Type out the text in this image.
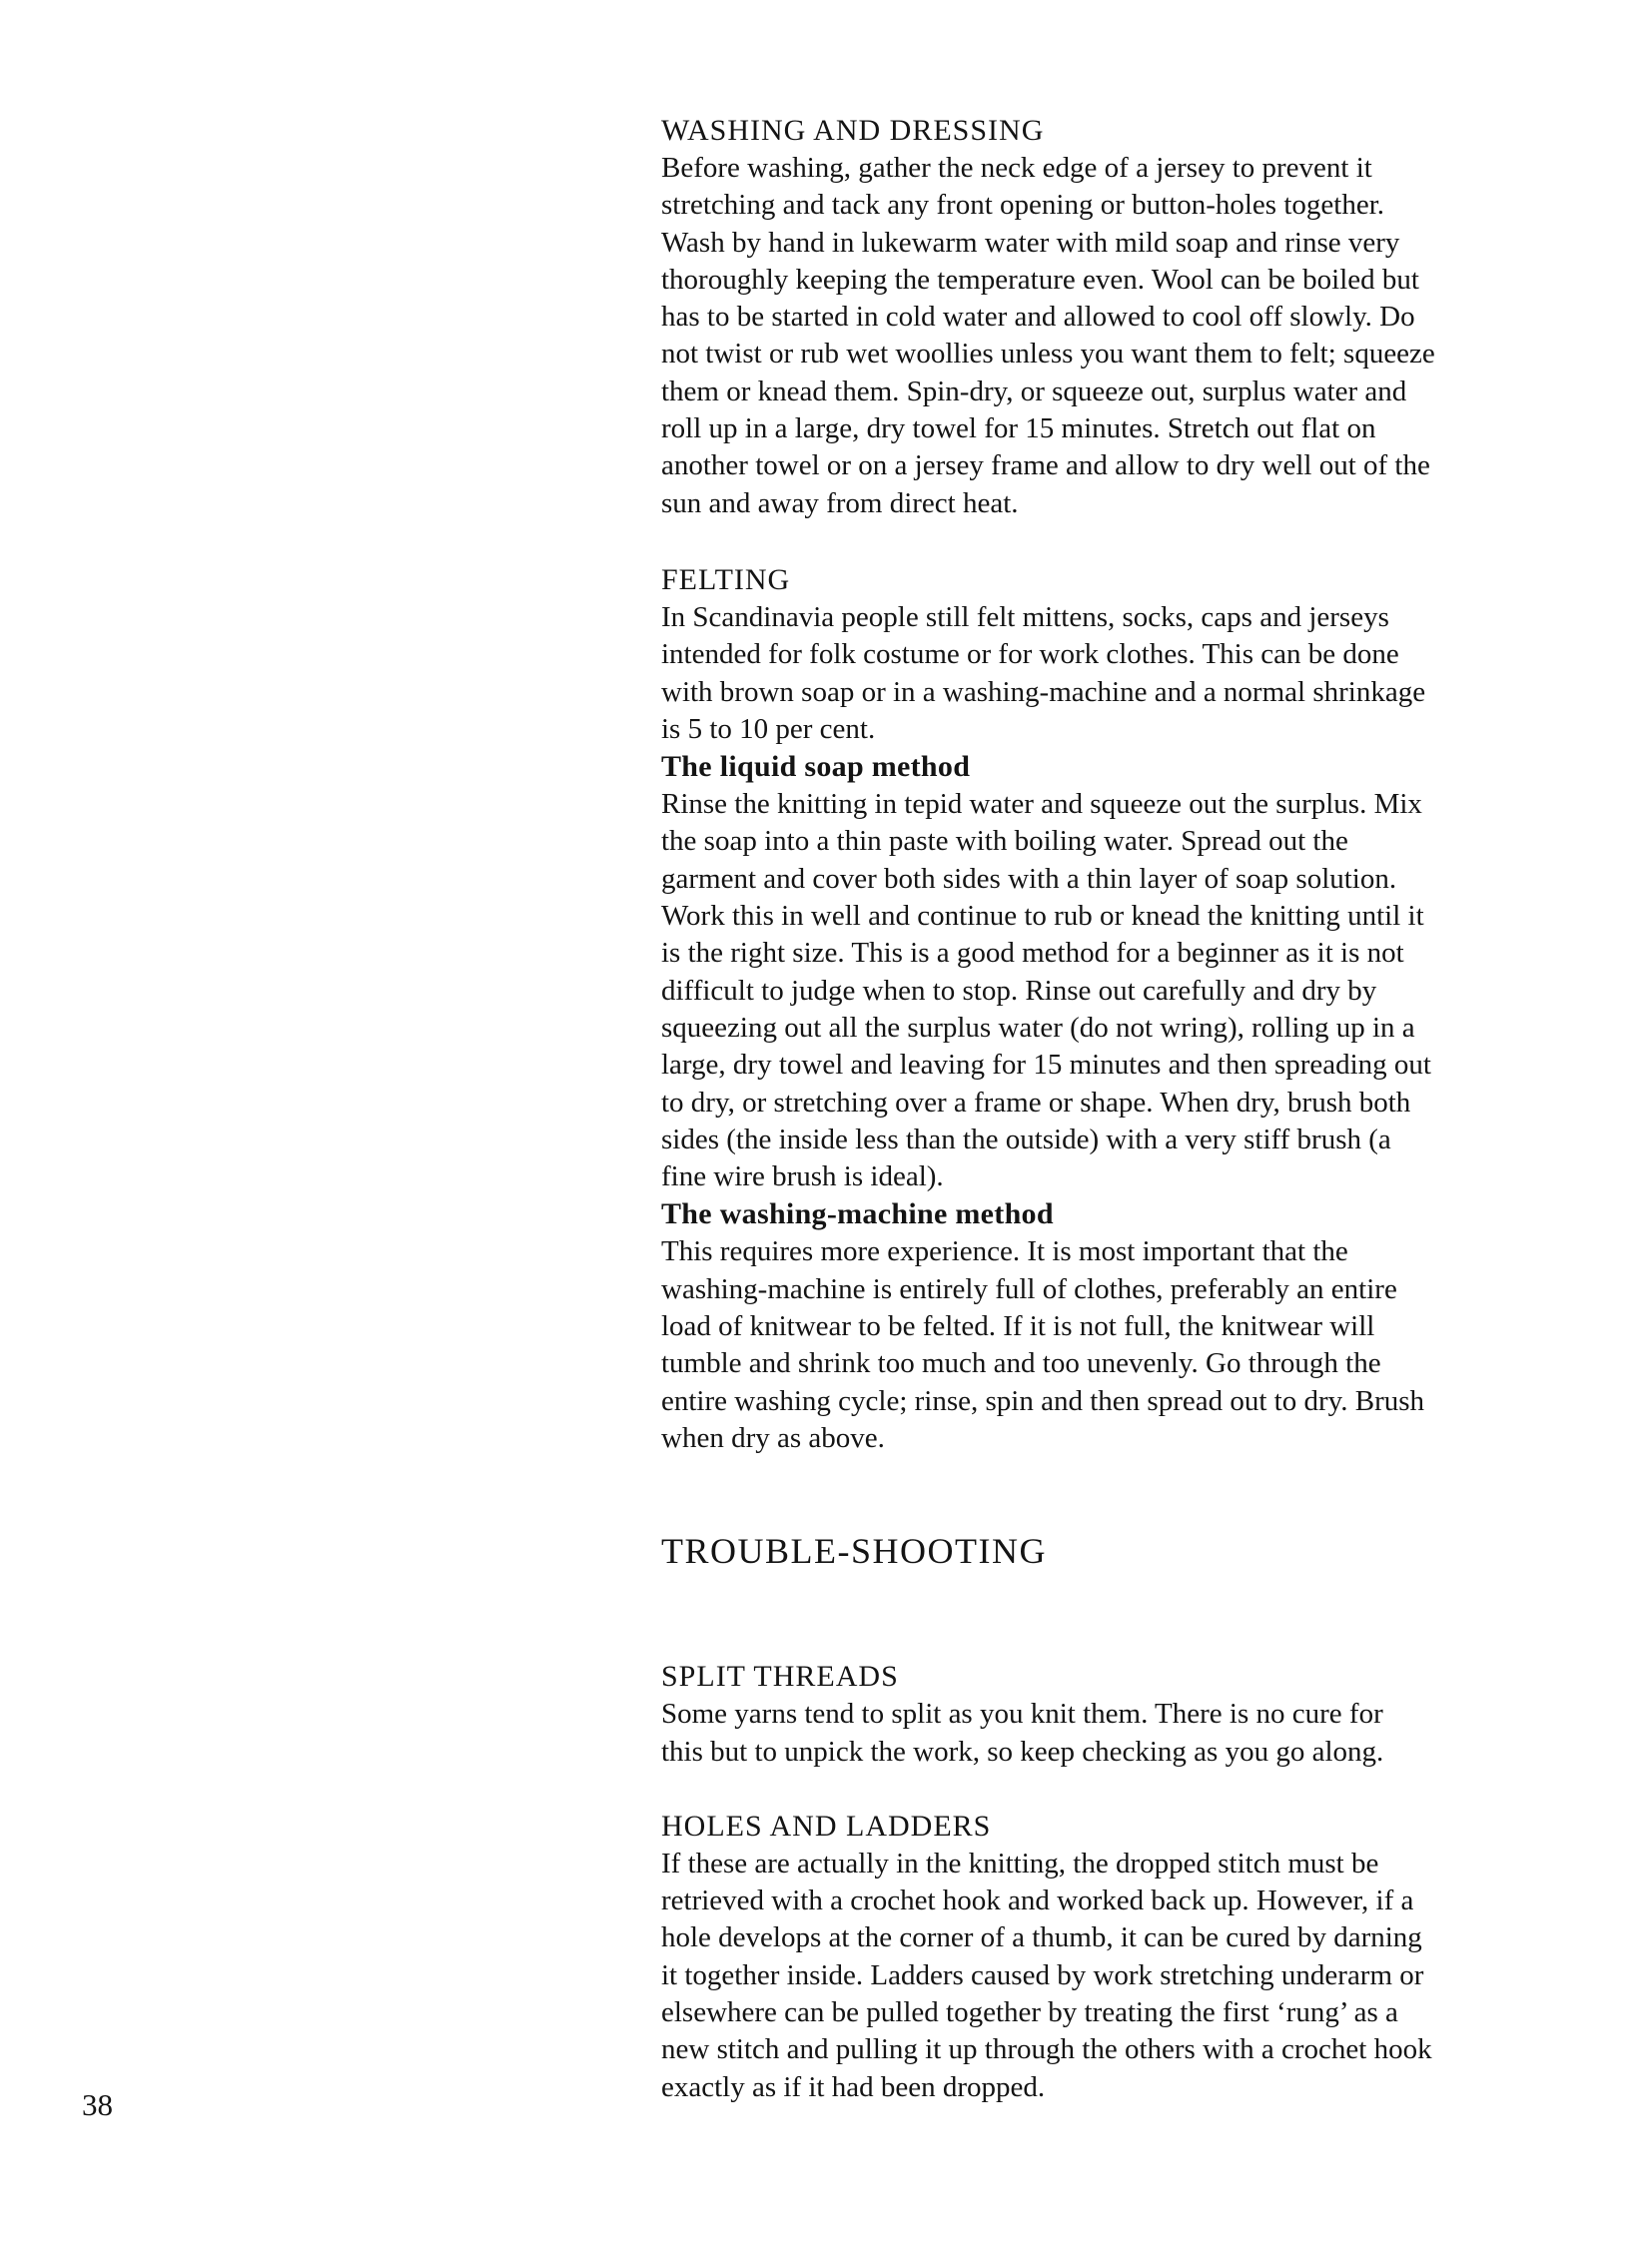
WASHING AND DRESSING

Before washing, gather the neck edge of a jersey to prevent it
stretching and tack any front opening or button-holes together.
Wash by hand in lukewarm water with mild soap and rinse very
thoroughly keeping the temperature even. Wool can be boiled but
has to be started in cold water and allowed to cool off slowly. Do
not twist or rub wet woollies unless you want them to felt; squeeze
them or knead them. Spin-dry, or squeeze out, surplus water and
roll up in a large, dry towel for 15 minutes. Stretch out flat on
another towel or on a jersey frame and allow to dry well out of the
sun and away from direct heat.

FELTING

In Scandinavia people still felt mittens, socks, caps and jerseys
intended for folk costume or for work clothes. This can be done
with brown soap or in a washing-machine and a normal shrinkage
is 5 to 10 per cent.

The liquid soap method

Rinse the knitting in tepid water and squeeze out the surplus. Mix
the soap into a thin paste with boiling water. Spread out the
garment and cover both sides with a thin layer of soap solution.
Work this in well and continue to rub or knead the knitting until it
is the right size. This is a good method for a beginner as it is not
difficult to judge when to stop. Rinse out carefully and dry by
squeezing out all the surplus water (do not wring), rolling up in a
large, dry towel and leaving for 15 minutes and then spreading out
to dry, or stretching over a frame or shape. When dry, brush both
sides (the inside less than the outside) with a very stiff brush (a
fine wire brush is ideal).

The washing-machine method

This requires more experience. It is most important that the
washing-machine is entirely full of clothes, preferably an entire
load of knitwear to be felted. If it is not full, the knitwear will
tumble and shrink too much and too unevenly. Go through the
entire washing cycle; rinse, spin and then spread out to dry. Brush
when dry as above.

TROUBLE-SHOOTING
SPLIT THREADS

Some yarns tend to split as you knit them. There is no cure for
this but to unpick the work, so keep checking as you go along.

HOLES AND LADDERS

If these are actually in the knitting, the dropped stitch must be
retrieved with a crochet hook and worked back up. However, if a
hole develops at the corner of a thumb, it can be cured by darning
it together inside. Ladders caused by work stretching underarm or
elsewhere can be pulled together by treating the first ‘rung’ as a
new stitch and pulling it up through the others with a crochet hook
exactly as if it had been dropped.

38
